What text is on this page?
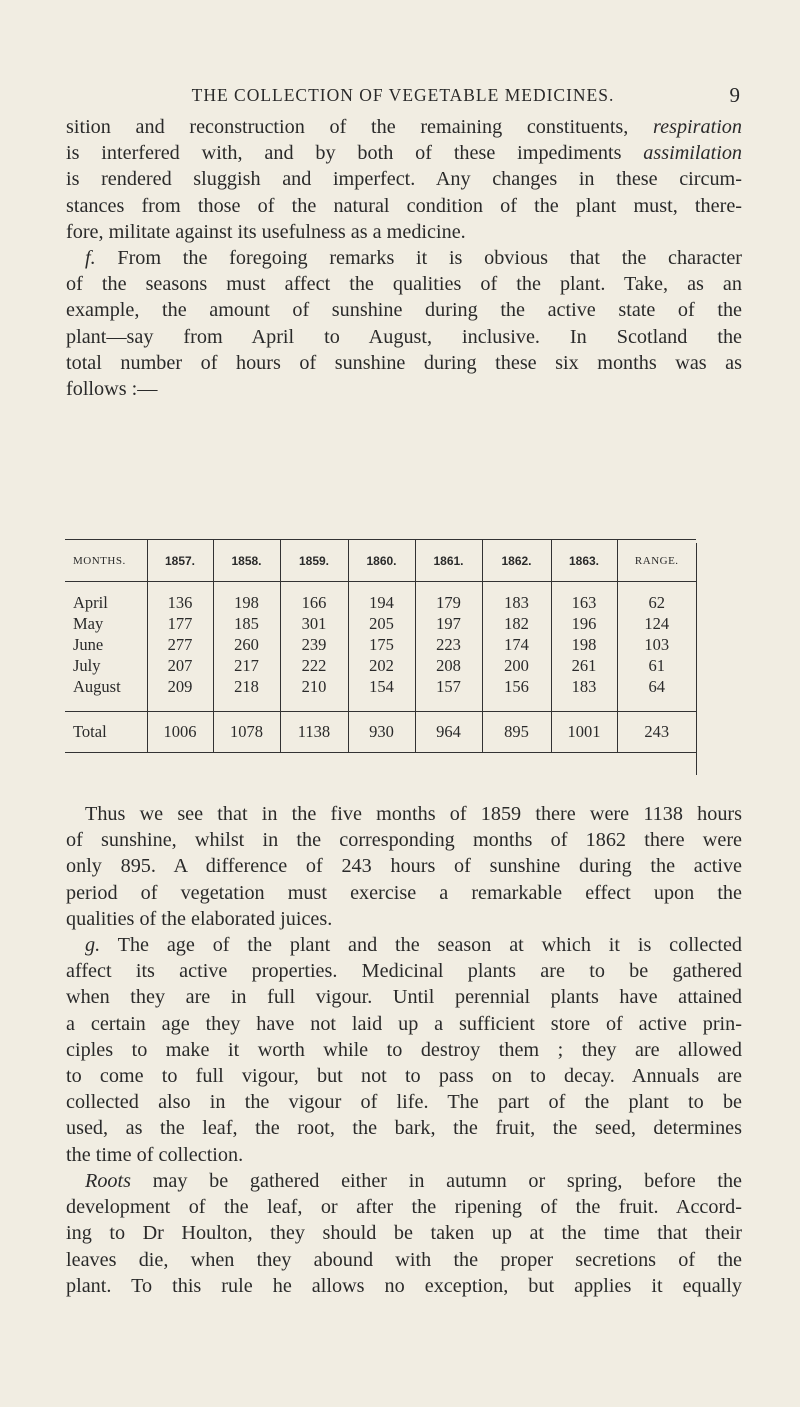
THE COLLECTION OF VEGETABLE MEDICINES.	9
sition and reconstruction of the remaining constituents, respiration
is interfered with, and by both of these impediments assimilation
is rendered sluggish and imperfect. Any changes in these circum-
stances from those of the natural condition of the plant must, there-
fore, militate against its usefulness as a medicine.
f. From the foregoing remarks it is obvious that the character
of the seasons must affect the qualities of the plant. Take, as an
example, the amount of sunshine during the active state of the
plant—say from April to August, inclusive. In Scotland the
total number of hours of sunshine during these six months was as
follows :—
MONTHS.	1857.	1858.	1859.	1860.	1861.	1862.	1863.	RANGE.
April	136	198	166	194	179	183	163	62
May	177	185	301	205	197	182	196	124
June	277	260	239	175	223	174	198	103
July	207	217	222	202	208	200	261	61
August	209	218	210	154	157	156	183	64
Total	1006	1078	1138	930	964	895	1001	243
Thus we see that in the five months of 1859 there were 1138 hours
of sunshine, whilst in the corresponding months of 1862 there were
only 895. A difference of 243 hours of sunshine during the active
period of vegetation must exercise a remarkable effect upon the
qualities of the elaborated juices.
g. The age of the plant and the season at which it is collected
affect its active properties. Medicinal plants are to be gathered
when they are in full vigour. Until perennial plants have attained
a certain age they have not laid up a sufficient store of active prin-
ciples to make it worth while to destroy them ; they are allowed
to come to full vigour, but not to pass on to decay. Annuals are
collected also in the vigour of life. The part of the plant to be
used, as the leaf, the root, the bark, the fruit, the seed, determines
the time of collection.
Roots may be gathered either in autumn or spring, before the
development of the leaf, or after the ripening of the fruit. Accord-
ing to Dr Houlton, they should be taken up at the time that their
leaves die, when they abound with the proper secretions of the
plant. To this rule he allows no exception, but applies it equally
